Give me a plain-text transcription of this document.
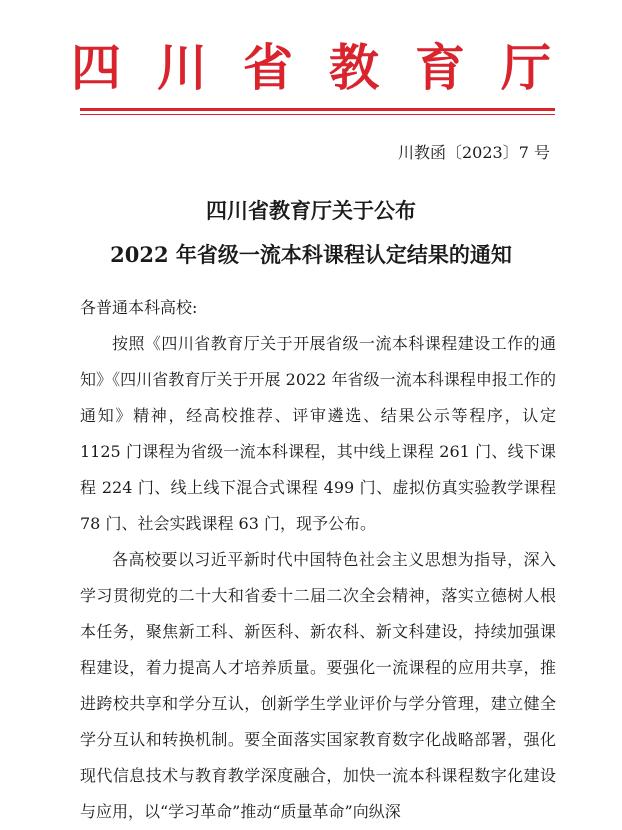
四川省教育厅
川教函〔2023〕7 号
四川省教育厅关于公布
2022 年省级一流本科课程认定结果的通知

各普通本科高校:

按照《四川省教育厅关于开展省级一流本科课程建设工作的通知》《四川省教育厅关于开展 2022 年省级一流本科课程申报工作的通知》精神，经高校推荐、评审遴选、结果公示等程序，认定 1125 门课程为省级一流本科课程，其中线上课程 261 门、线下课程 224 门、线上线下混合式课程 499 门、虚拟仿真实验教学课程 78 门、社会实践课程 63 门，现予公布。

各高校要以习近平新时代中国特色社会主义思想为指导，深入学习贯彻党的二十大和省委十二届二次全会精神，落实立德树人根本任务，聚焦新工科、新医科、新农科、新文科建设，持续加强课程建设，着力提高人才培养质量。要强化一流课程的应用共享，推进跨校共享和学分互认，创新学生学业评价与学分管理，建立健全学分互认和转换机制。要全面落实国家教育数字化战略部署，强化现代信息技术与教育教学深度融合，加快一流本科课程数字化建设与应用，以“学习革命”推动“质量革命”向纵深
